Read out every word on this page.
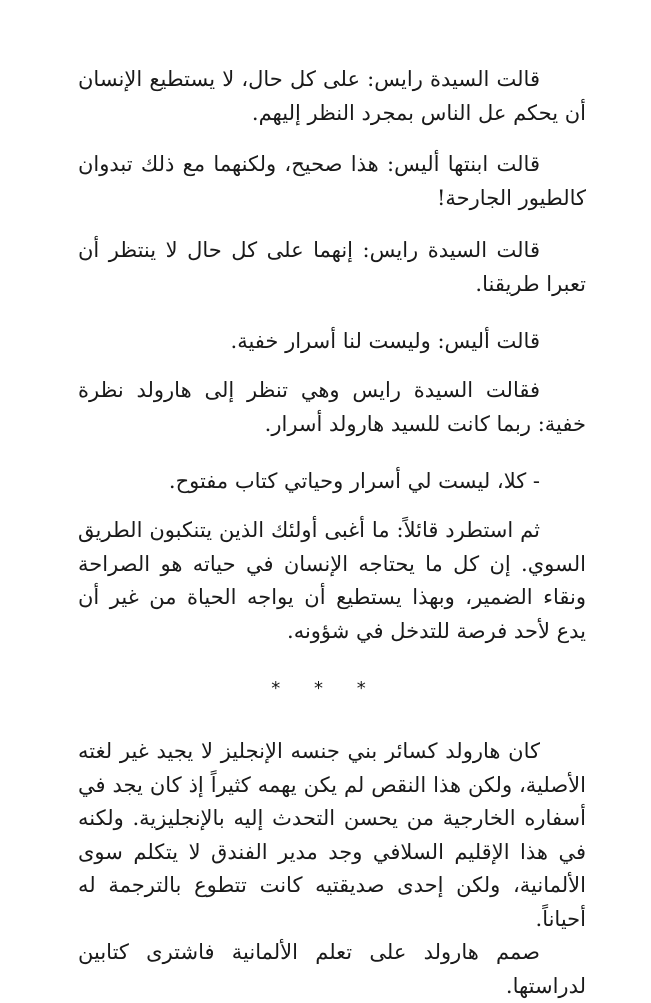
قالت السيدة رايس: على كل حال، لا يستطيع الإنسان أن يحكم عل الناس بمجرد النظر إليهم.

قالت ابنتها أليس: هذا صحيح، ولكنهما مع ذلك تبدوان كالطيور الجارحة!

قالت السيدة رايس: إنهما على كل حال لا ينتظر أن تعبرا طريقنا.

قالت أليس: وليست لنا أسرار خفية.

فقالت السيدة رايس وهي تنظر إلى هارولد نظرة خفية: ربما كانت للسيد هارولد أسرار.

- كلا، ليست لي أسرار وحياتي كتاب مفتوح.

ثم استطرد قائلاً: ما أغبى أولئك الذين يتنكبون الطريق السوي. إن كل ما يحتاجه الإنسان في حياته هو الصراحة ونقاء الضمير، وبهذا يستطيع أن يواجه الحياة من غير أن يدع لأحد فرصة للتدخل في شؤونه.

* * *

كان هارولد كسائر بني جنسه الإنجليز لا يجيد غير لغته الأصلية، ولكن هذا النقص لم يكن يهمه كثيراً إذ كان يجد في أسفاره الخارجية من يحسن التحدث إليه بالإنجليزية. ولكنه في هذا الإقليم السلافي وجد مدير الفندق لا يتكلم سوى الألمانية، ولكن إحدى صديقتيه كانت تتطوع بالترجمة له أحياناً.

صمم هارولد على تعلم الألمانية فاشترى كتابين لدراستها.
